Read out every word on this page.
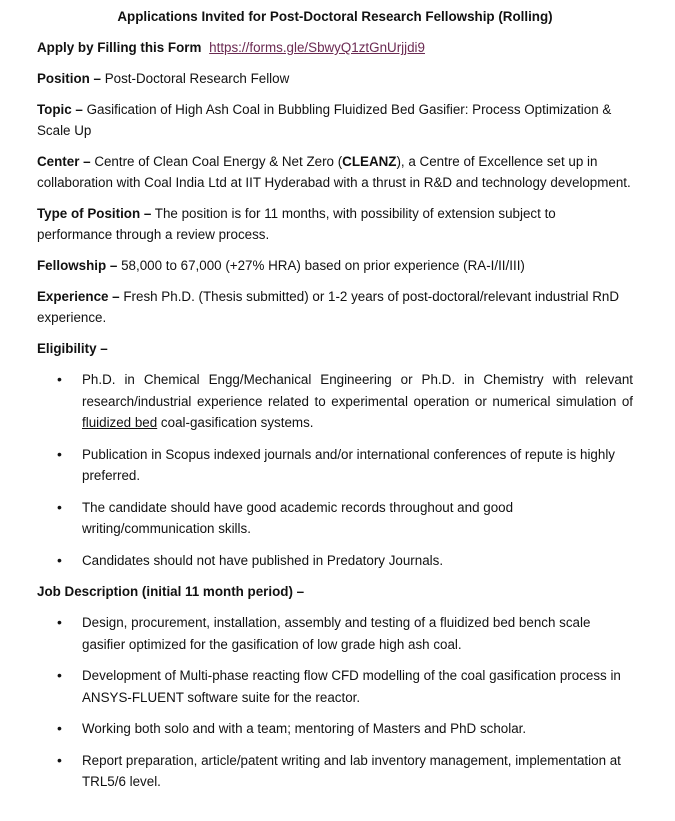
Applications Invited for Post-Doctoral Research Fellowship (Rolling)
Apply by Filling this Form https://forms.gle/SbwyQ1ztGnUrjjdi9
Position – Post-Doctoral Research Fellow
Topic – Gasification of High Ash Coal in Bubbling Fluidized Bed Gasifier: Process Optimization & Scale Up
Center – Centre of Clean Coal Energy & Net Zero (CLEANZ), a Centre of Excellence set up in collaboration with Coal India Ltd at IIT Hyderabad with a thrust in R&D and technology development.
Type of Position – The position is for 11 months, with possibility of extension subject to performance through a review process.
Fellowship – 58,000 to 67,000 (+27% HRA) based on prior experience (RA-I/II/III)
Experience – Fresh Ph.D. (Thesis submitted) or 1-2 years of post-doctoral/relevant industrial RnD experience.
Eligibility –
• Ph.D. in Chemical Engg/Mechanical Engineering or Ph.D. in Chemistry with relevant research/industrial experience related to experimental operation or numerical simulation of fluidized bed coal-gasification systems.
• Publication in Scopus indexed journals and/or international conferences of repute is highly preferred.
• The candidate should have good academic records throughout and good writing/communication skills.
• Candidates should not have published in Predatory Journals.
Job Description (initial 11 month period) –
• Design, procurement, installation, assembly and testing of a fluidized bed bench scale gasifier optimized for the gasification of low grade high ash coal.
• Development of Multi-phase reacting flow CFD modelling of the coal gasification process in ANSYS-FLUENT software suite for the reactor.
• Working both solo and with a team; mentoring of Masters and PhD scholar.
• Report preparation, article/patent writing and lab inventory management, implementation at TRL5/6 level.
